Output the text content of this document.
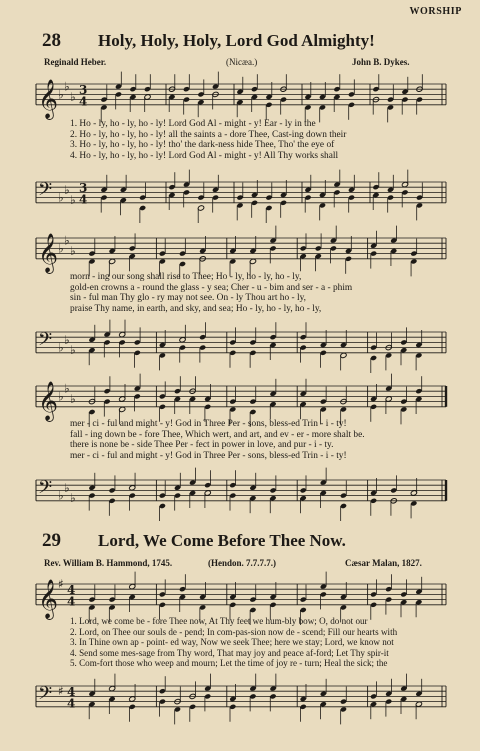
WORSHIP
28 Holy, Holy, Holy, Lord God Almighty!
Reginald Heber.	(Nicæa.)	John B. Dykes.
𝄞 ♭
♭
♭
3
4
1. Ho - ly, ho - ly, ho - ly! Lord God Al - might - y! Ear - ly in the
2. Ho - ly, ho - ly, ho - ly! all the saints a - dore Thee, Cast-ing down their
3. Ho - ly, ho - ly, ho - ly! tho' the dark-ness hide Thee, Tho' the eye of
4. Ho - ly, ho - ly, ho - ly! Lord God Al - might - y! All Thy works shall
𝄢 ♭
♭
♭
3
4
𝄞 ♭
♭
♭
morn - ing our song shall rise to Thee; Ho - ly, ho - ly, ho - ly,
gold-en crowns a - round the glass - y sea; Cher - u - bim and ser - a - phim
sin - ful man Thy glo - ry may not see. On - ly Thou art ho - ly,
praise Thy name, in earth, and sky, and sea; Ho - ly, ho - ly, ho - ly,
𝄢 ♭
♭
♭
𝄞 ♭
♭
♭
mer - ci - ful and might - y! God in Three Per - sons, bless-ed Trin - i - ty!
fall - ing down be - fore Thee, Which wert, and art, and ev - er - more shalt be.
there is none be - side Thee Per - fect in power in love, and pur - i - ty.
mer - ci - ful and might - y! God in Three Per - sons, bless-ed Trin - i - ty!
𝄢 ♭
♭
♭
29 Lord, We Come Before Thee Now.
Rev. William B. Hammond, 1745.	(Hendon. 7.7.7.7.)	Cæsar Malan, 1827.
𝄞 ♯ 4
4
1. Lord, we come be - fore Thee now, At Thy feet we hum-bly bow; O, do not our
2. Lord, on Thee our souls de - pend; In com-pas-sion now de - scend; Fill our hearts with
3. In Thine own ap - point- ed way, Now we seek Thee; here we stay; Lord, we know not
4. Send some mes-sage from Thy word, That may joy and peace af-ford; Let Thy spir-it
5. Com-fort those who weep and mourn; Let the time of joy re - turn; Heal the sick; the
𝄢 ♯ 4
4
